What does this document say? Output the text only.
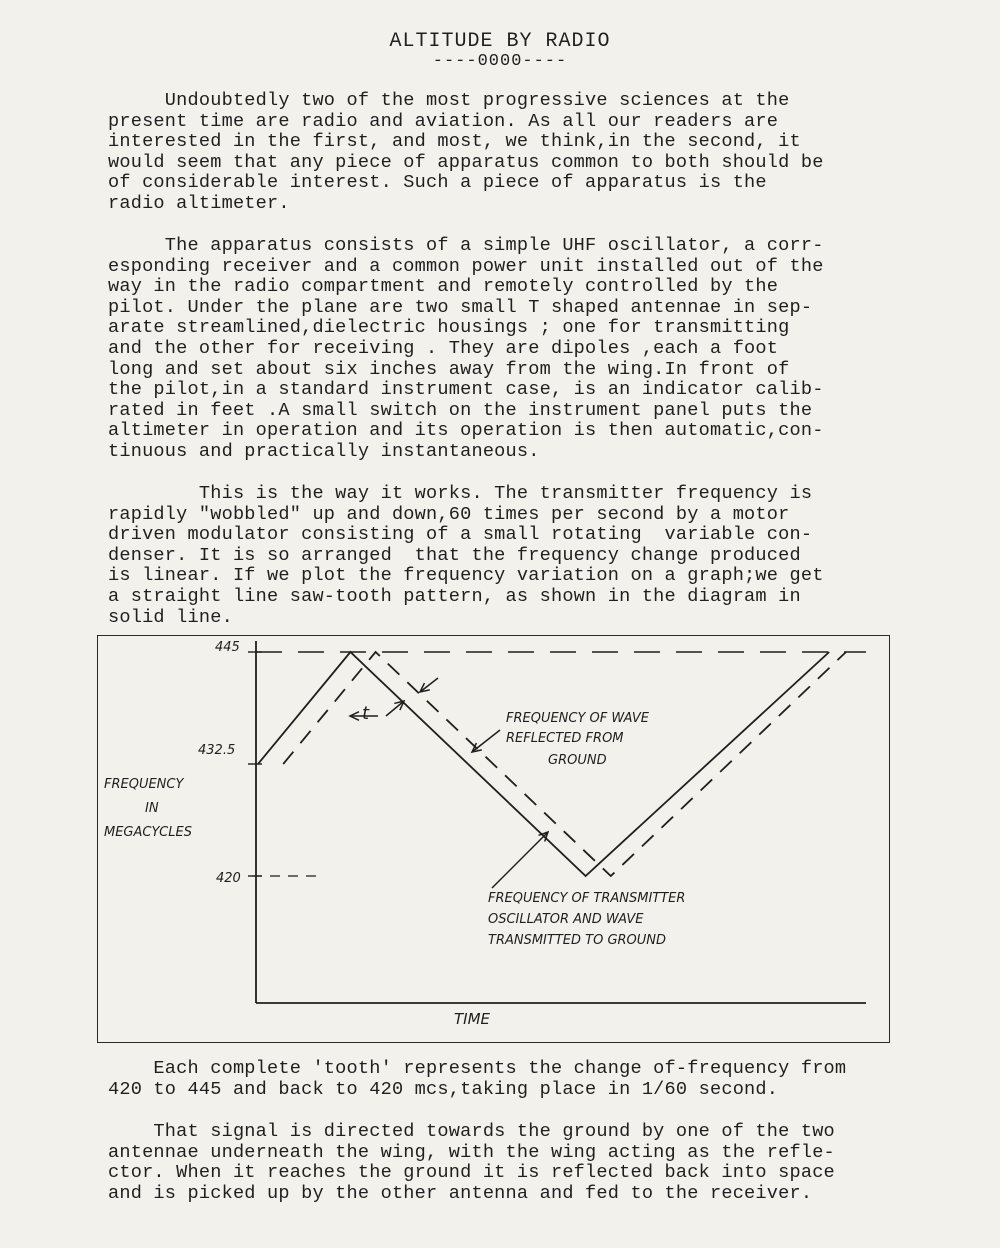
ALTITUDE BY RADIO
----0000----
Undoubtedly two of the most progressive sciences at the
present time are radio and aviation. As all our readers are
interested in the first, and most, we think,in the second, it
would seem that any piece of apparatus common to both should be
of considerable interest. Such a piece of apparatus is the
radio altimeter.
The apparatus consists of a simple UHF oscillator, a corr-
esponding receiver and a common power unit installed out of the
way in the radio compartment and remotely controlled by the
pilot. Under the plane are two small T shaped antennae in sep-
arate streamlined,dielectric housings ; one for transmitting
and the other for receiving . They are dipoles ,each a foot
long and set about six inches away from the wing.In front of
the pilot,in a standard instrument case, is an indicator calib-
rated in feet .A small switch on the instrument panel puts the
altimeter in operation and its operation is then automatic,con-
tinuous and practically instantaneous.
This is the way it works. The transmitter frequency is
rapidly "wobbled" up and down,60 times per second by a motor
driven modulator consisting of a small rotating  variable con-
denser. It is so arranged  that the frequency change produced
is linear. If we plot the frequency variation on a graph;we get
a straight line saw-tooth pattern, as shown in the diagram in
solid line.
445
432.5
420
FREQUENCY
IN
MEGACYCLES
TIME
t	FREQUENCY OF WAVE
REFLECTED FROM
GROUND
FREQUENCY OF TRANSMITTER
OSCILLATOR AND WAVE
TRANSMITTED TO GROUND
Each complete 'tooth' represents the change of-frequency from
420 to 445 and back to 420 mcs,taking place in 1/60 second.
That signal is directed towards the ground by one of the two
antennae underneath the wing, with the wing acting as the refle-
ctor. When it reaches the ground it is reflected back into space
and is picked up by the other antenna and fed to the receiver.
